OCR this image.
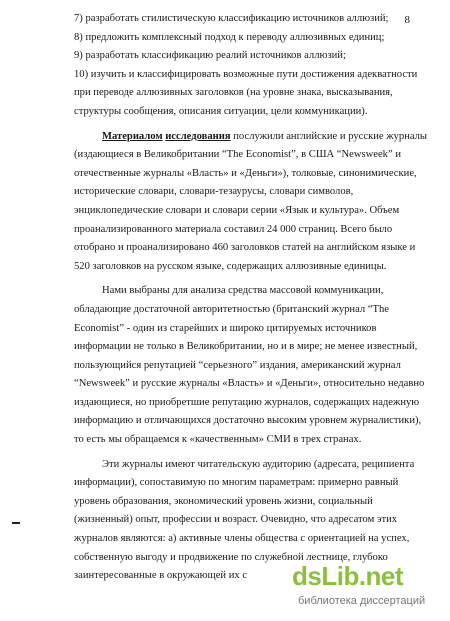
8
7) разработать стилистическую классификацию источников аллюзий;
8) предложить комплексный подход к переводу аллюзивных единиц;
9) разработать классификацию реалий источников аллюзий;
10) изучить и классифицировать возможные пути достижения адекватности
при переводе аллюзивных заголовков (на уровне знака, высказывания,
структуры сообщения, описания ситуации, цели коммуникации).
Материалом исследования послужили английские и русские журналы
(издающиеся в Великобритании “The Economist”, в США “Newsweek” и
отечественные журналы «Власть» и «Деньги»), толковые, синонимические,
исторические словари, словари-тезаурусы, словари символов,
энциклопедические словари и словари серии «Язык и культура». Объем
проанализированного материала составил 24 000 страниц. Всего было
отобрано и проанализировано 460 заголовков статей на английском языке и
520 заголовков на русском языке, содержащих аллюзивные единицы.
Нами выбраны для анализа средства массовой коммуникации,
обладающие достаточной авторитетностью (британский журнал “The
Economist” - один из старейших и широко цитируемых источников
информации не только в Великобритании, но и в мире; не менее известный,
пользующийся репутацией “серьезного” издания, американский журнал
“Newsweek” и русские журналы «Власть» и «Деньги», относительно недавно
издающиеся, но приобретшие репутацию журналов, содержащих надежную
информацию и отличающихся достаточно высоким уровнем журналистики),
то есть мы обращаемся к «качественным» СМИ в трех странах.
Эти журналы имеют читательскую аудиторию (адресата, реципиента
информации), сопоставимую по многим параметрам: примерно равный
уровень образования, экономический уровень жизни, социальный
(жизненный) опыт, профессии и возраст. Очевидно, что адресатом этих
журналов являются: а) активные члены общества с ориентацией на успех,
собственную выгоду и продвижение по служебной лестнице, глубоко
заинтересованные в окружающей их с	dsLib.net
библиотека диссертаций
